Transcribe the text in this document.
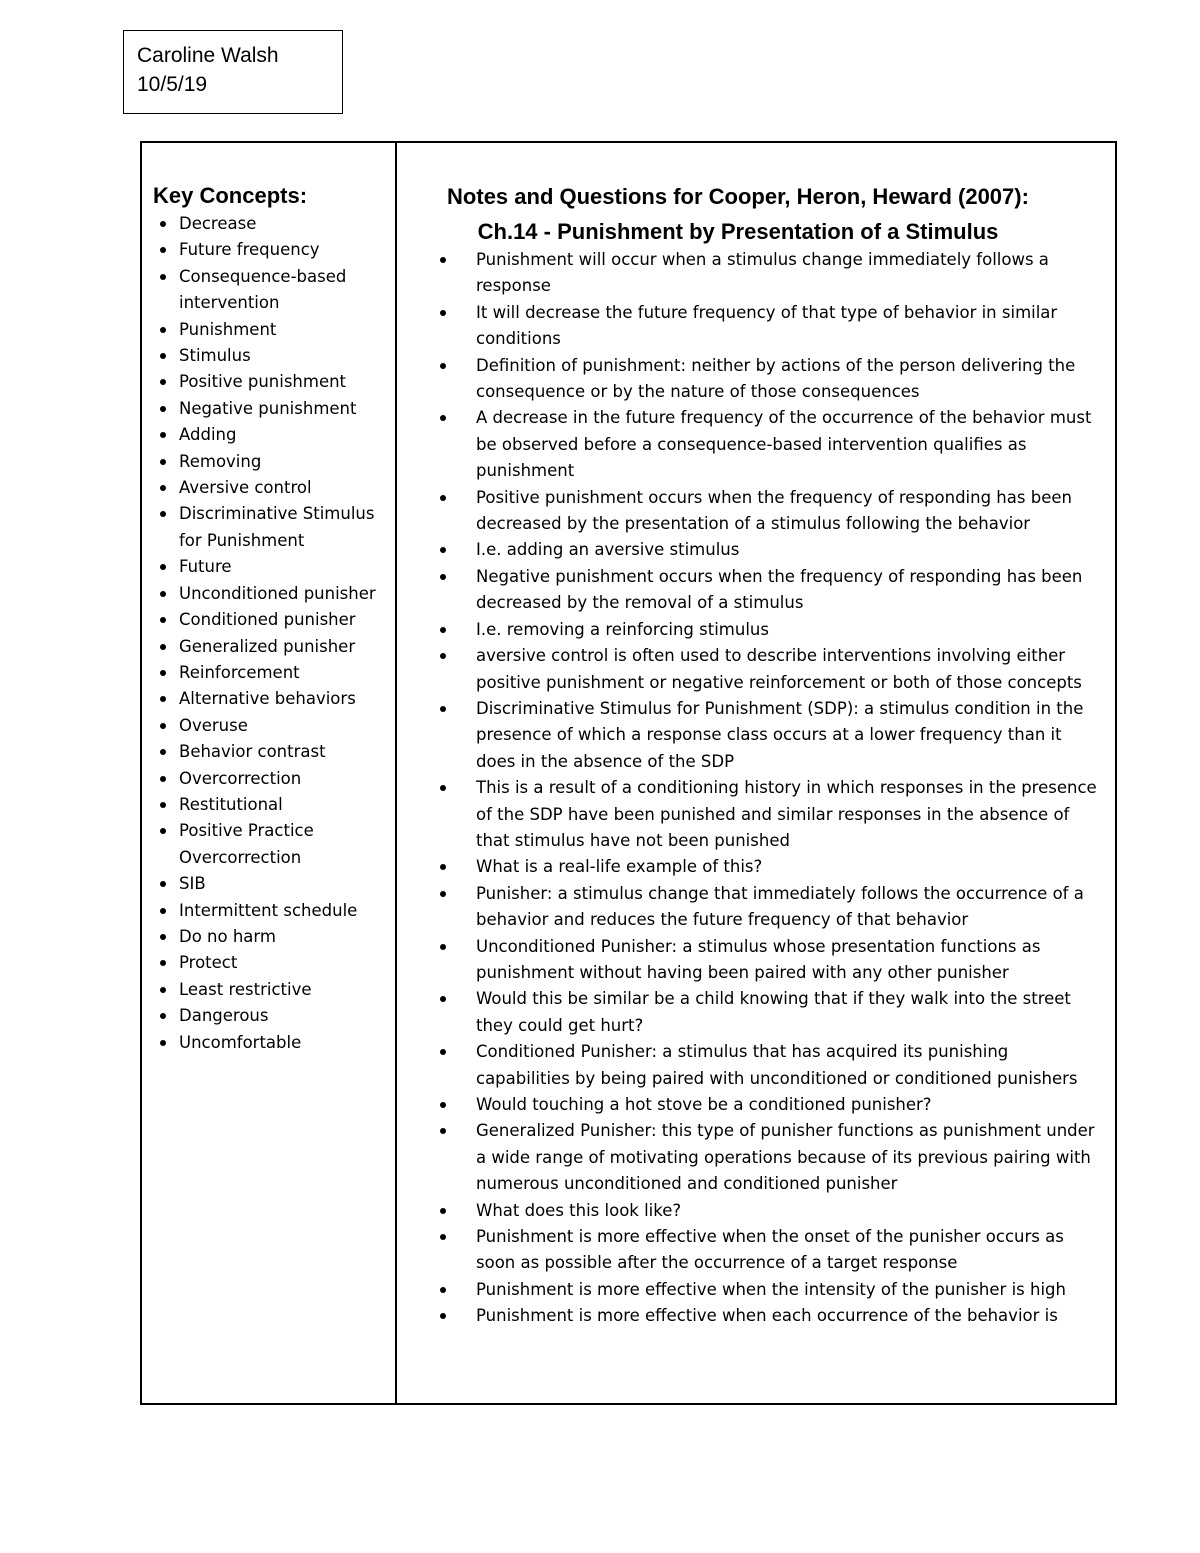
Caroline Walsh
10/5/19
Key Concepts:
Decrease
Future frequency
Consequence-based intervention
Punishment
Stimulus
Positive punishment
Negative punishment
Adding
Removing
Aversive control
Discriminative Stimulus for Punishment
Future
Unconditioned punisher
Conditioned punisher
Generalized punisher
Reinforcement
Alternative behaviors
Overuse
Behavior contrast
Overcorrection
Restitutional
Positive Practice Overcorrection
SIB
Intermittent schedule
Do no harm
Protect
Least restrictive
Dangerous
Uncomfortable
Notes and Questions for Cooper, Heron, Heward (2007):
Ch.14 - Punishment by Presentation of a Stimulus
Punishment will occur when a stimulus change immediately follows a response
It will decrease the future frequency of that type of behavior in similar conditions
Definition of punishment: neither by actions of the person delivering the consequence or by the nature of those consequences
A decrease in the future frequency of the occurrence of the behavior must be observed before a consequence-based intervention qualifies as punishment
Positive punishment occurs when the frequency of responding has been decreased by the presentation of a stimulus following the behavior
I.e. adding an aversive stimulus
Negative punishment occurs when the frequency of responding has been decreased by the removal of a stimulus
I.e. removing a reinforcing stimulus
aversive control is often used to describe interventions involving either positive punishment or negative reinforcement or both of those concepts
Discriminative Stimulus for Punishment (SDP): a stimulus condition in the presence of which a response class occurs at a lower frequency than it does in the absence of the SDP
This is a result of a conditioning history in which responses in the presence of the SDP have been punished and similar responses in the absence of that stimulus have not been punished
What is a real-life example of this?
Punisher: a stimulus change that immediately follows the occurrence of a behavior and reduces the future frequency of that behavior
Unconditioned Punisher: a stimulus whose presentation functions as punishment without having been paired with any other punisher
Would this be similar be a child knowing that if they walk into the street they could get hurt?
Conditioned Punisher: a stimulus that has acquired its punishing capabilities by being paired with unconditioned or conditioned punishers
Would touching a hot stove be a conditioned punisher?
Generalized Punisher: this type of punisher functions as punishment under a wide range of motivating operations because of its previous pairing with numerous unconditioned and conditioned punisher
What does this look like?
Punishment is more effective when the onset of the punisher occurs as soon as possible after the occurrence of a target response
Punishment is more effective when the intensity of the punisher is high
Punishment is more effective when each occurrence of the behavior is
